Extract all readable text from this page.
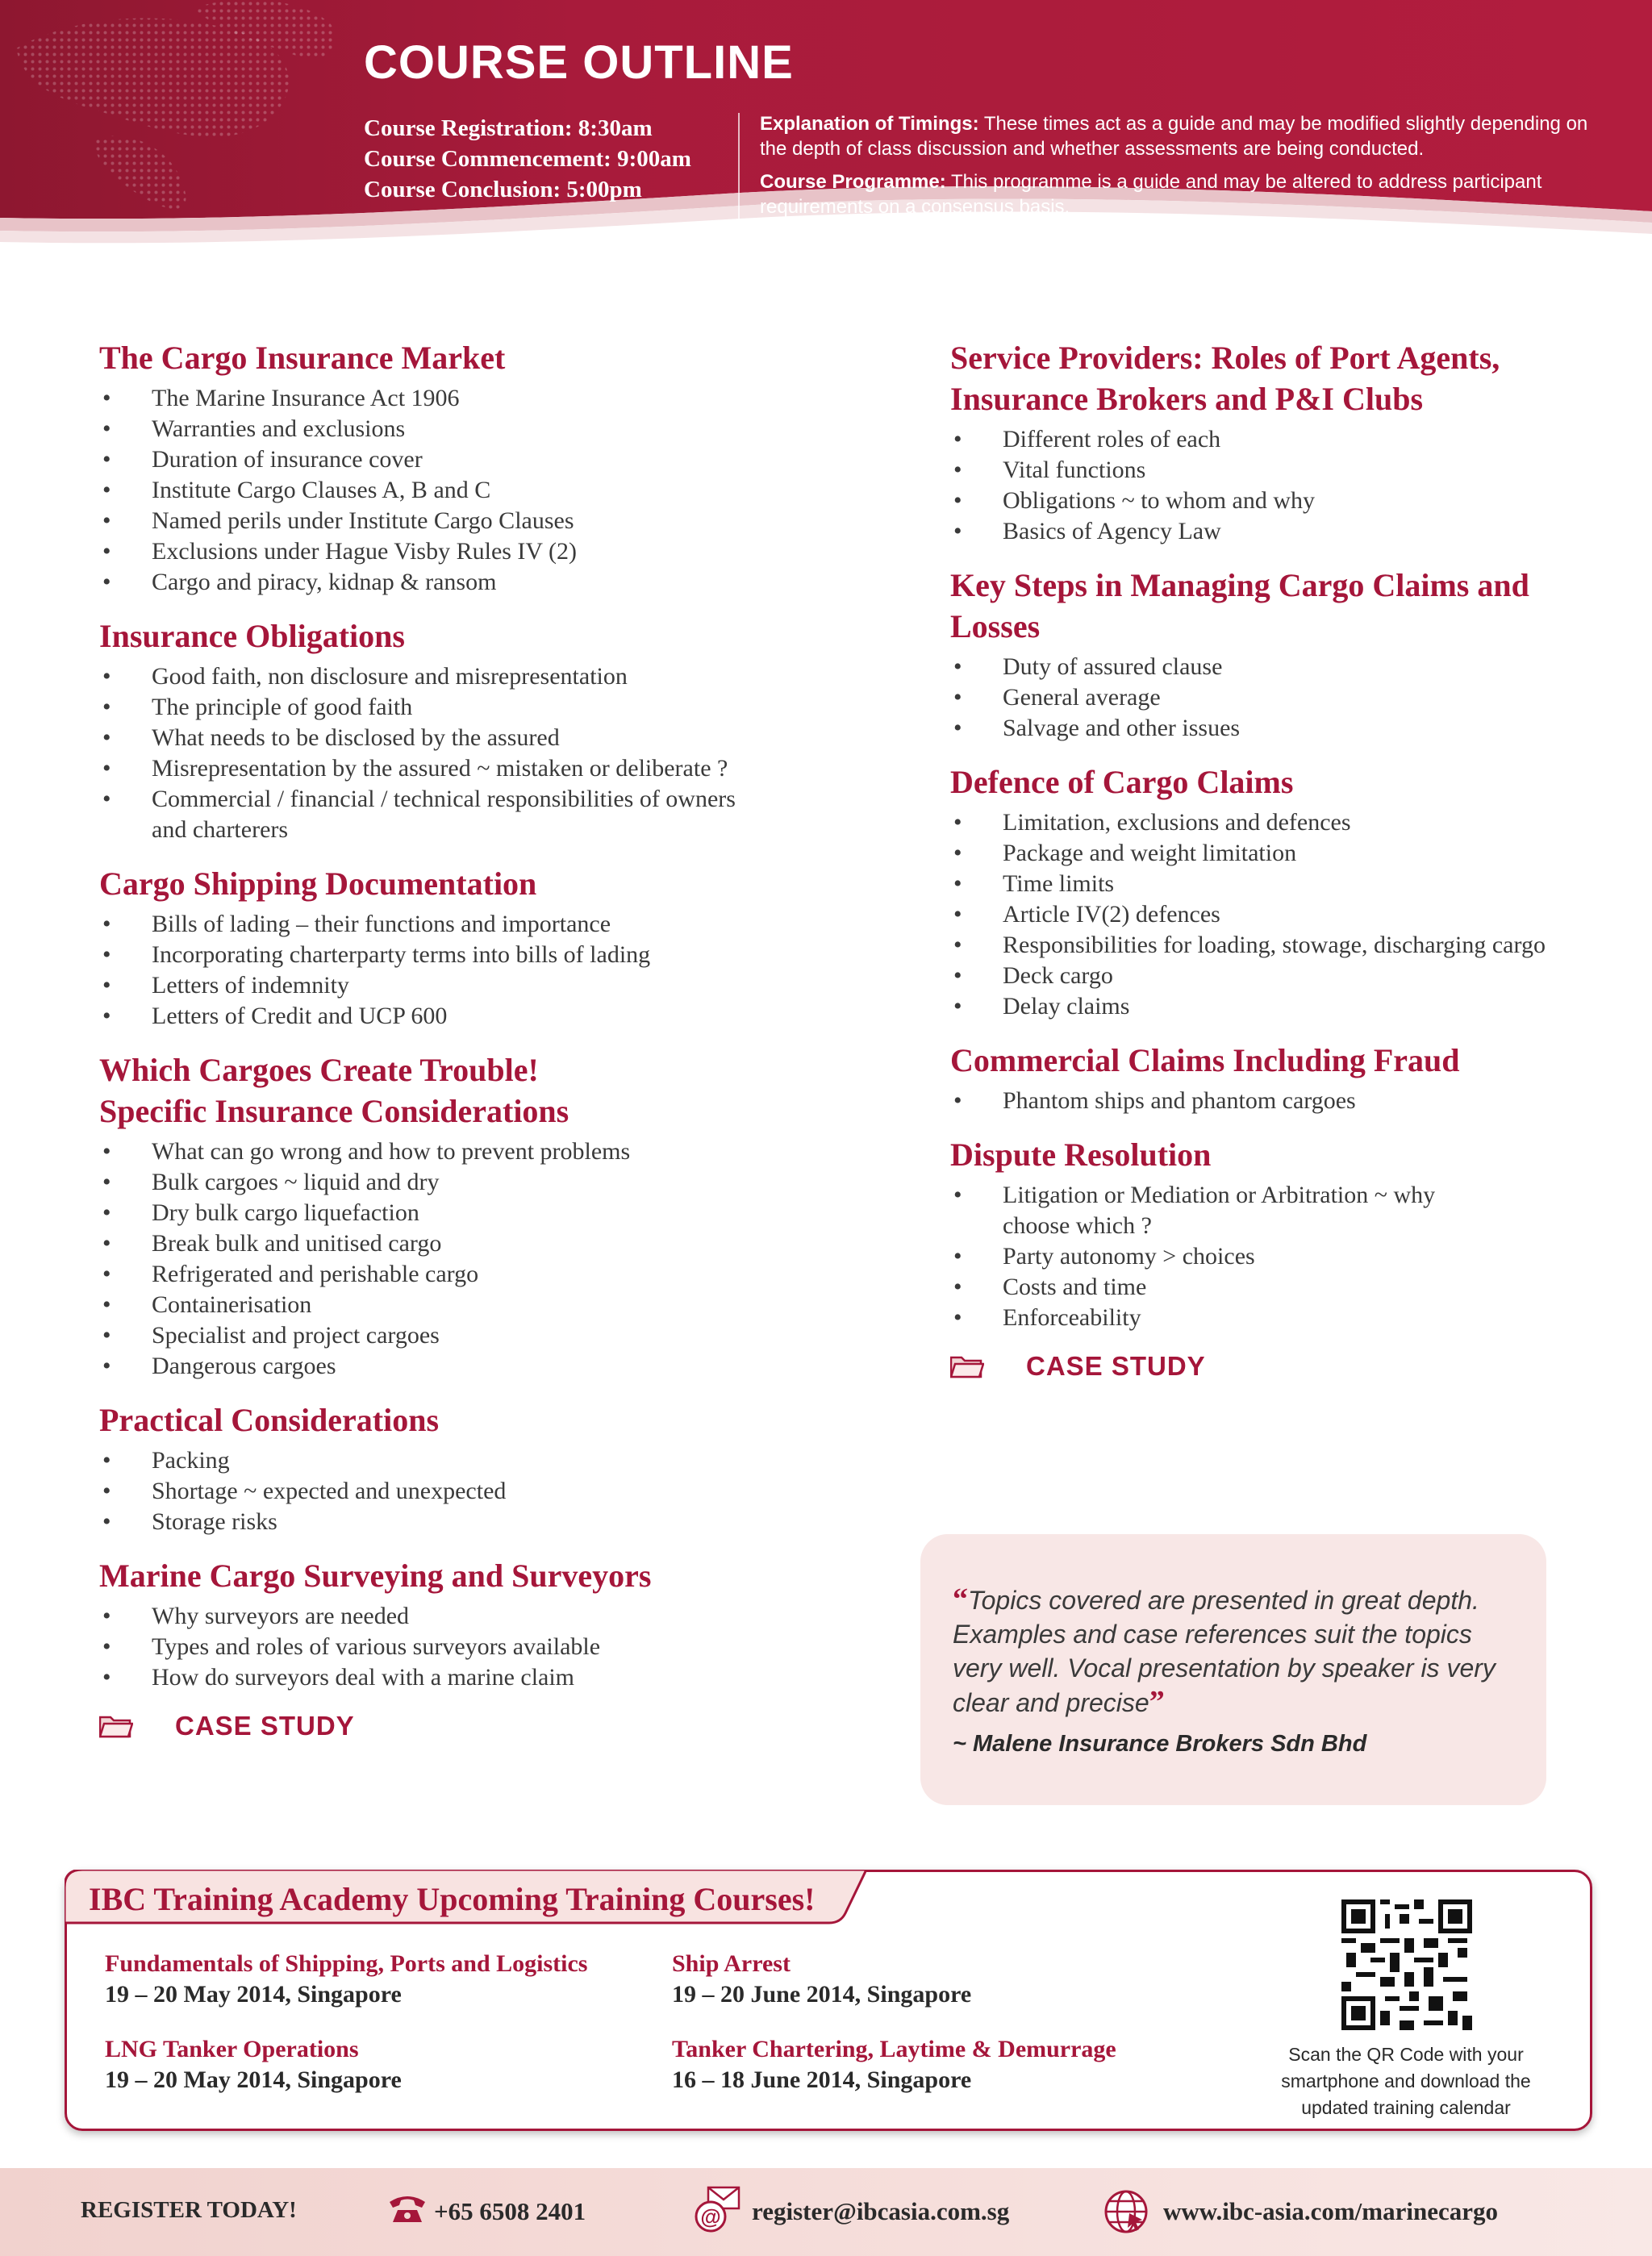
COURSE OUTLINE
Course Registration: 8:30am
Course Commencement: 9:00am
Course Conclusion: 5:00pm

Explanation of Timings: These times act as a guide and may be modified slightly depending on the depth of class discussion and whether assessments are being conducted.

Course Programme: This programme is a guide and may be altered to address participant requirements on a consensus basis.

The Cargo Insurance Market
• The Marine Insurance Act 1906
• Warranties and exclusions
• Duration of insurance cover
• Institute Cargo Clauses A, B and C
• Named perils under Institute Cargo Clauses
• Exclusions under Hague Visby Rules IV (2)
• Cargo and piracy, kidnap & ransom
Insurance Obligations
• Good faith, non disclosure and misrepresentation
• The principle of good faith
• What needs to be disclosed by the assured
• Misrepresentation by the assured ~ mistaken or deliberate ?
• Commercial / financial / technical responsibilities of owners and charterers
Cargo Shipping Documentation
• Bills of lading – their functions and importance
• Incorporating charterparty terms into bills of lading
• Letters of indemnity
• Letters of Credit and UCP 600
Which Cargoes Create Trouble! Specific Insurance Considerations
• What can go wrong and how to prevent problems
• Bulk cargoes ~ liquid and dry
• Dry bulk cargo liquefaction
• Break bulk and unitised cargo
• Refrigerated and perishable cargo
• Containerisation
• Specialist and project cargoes
• Dangerous cargoes
Practical Considerations
• Packing
• Shortage ~ expected and unexpected
• Storage risks
Marine Cargo Surveying and Surveyors
• Why surveyors are needed
• Types and roles of various surveyors available
• How do surveyors deal with a marine claim
CASE STUDY
Service Providers: Roles of Port Agents, Insurance Brokers and P&I Clubs
• Different roles of each
• Vital functions
• Obligations ~ to whom and why
• Basics of Agency Law
Key Steps in Managing Cargo Claims and Losses
• Duty of assured clause
• General average
• Salvage and other issues
Defence of Cargo Claims
• Limitation, exclusions and defences
• Package and weight limitation
• Time limits
• Article IV(2) defences
• Responsibilities for loading, stowage, discharging cargo
• Deck cargo
• Delay claims
Commercial Claims Including Fraud
• Phantom ships and phantom cargoes
Dispute Resolution
• Litigation or Mediation or Arbitration ~ why choose which ?
• Party autonomy > choices
• Costs and time
• Enforceability
CASE STUDY
“Topics covered are presented in great depth. Examples and case references suit the topics very well. Vocal presentation by speaker is very clear and precise”
~ Malene Insurance Brokers Sdn Bhd
IBC Training Academy Upcoming Training Courses!
Fundamentals of Shipping, Ports and Logistics
19 – 20 May 2014, Singapore
Ship Arrest
19 – 20 June 2014, Singapore
LNG Tanker Operations
19 – 20 May 2014, Singapore
Tanker Chartering, Laytime & Demurrage
16 – 18 June 2014, Singapore
Scan the QR Code with your smartphone and download the updated training calendar
REGISTER TODAY!	+65 6508 2401	@ register@ibcasia.com.sg	www.ibc-asia.com/marinecargo
